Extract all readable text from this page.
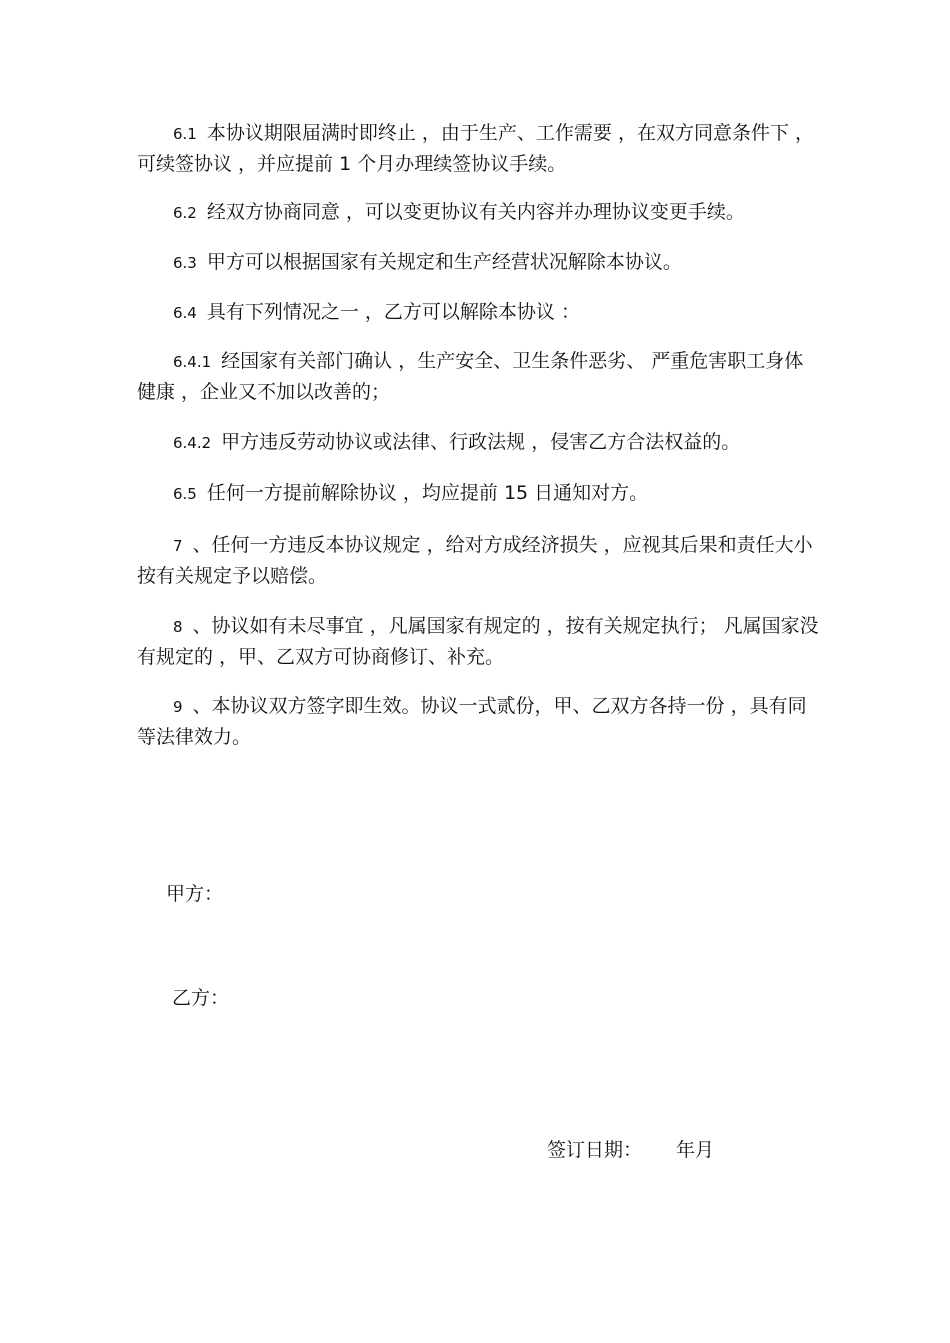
6.1 本协议期限届满时即终止 ，由于生产、工作需要 ，在双方同意条件下 ，可续签协议 ，并应提前 1 个月办理续签协议手续。
6.2 经双方协商同意 ，可以变更协议有关内容并办理协议变更手续。
6.3 甲方可以根据国家有关规定和生产经营状况解除本协议。
6.4 具有下列情况之一 ，乙方可以解除本协议 ：
6.4.1 经国家有关部门确认 ，生产安全、卫生条件恶劣、 严重危害职工身体 健康 ，企业又不加以改善的；
6.4.2 甲方违反劳动协议或法律、行政法规 ，侵害乙方合法权益的。
6.5 任何一方提前解除协议 ，均应提前 15 日通知对方。
7 、任何一方违反本协议规定 ，给对方成经济损失 ，应视其后果和责任大小 按有关规定予以赔偿。
8 、协议如有未尽事宜 ，凡属国家有规定的 ，按有关规定执行； 凡属国家没 有规定的 ，甲、乙双方可协商修订、补充。
9 、本协议双方签字即生效。协议一式贰份，甲、乙双方各持一份 ，具有同 等法律效力。
甲方：
乙方：
签订日期： 年月
